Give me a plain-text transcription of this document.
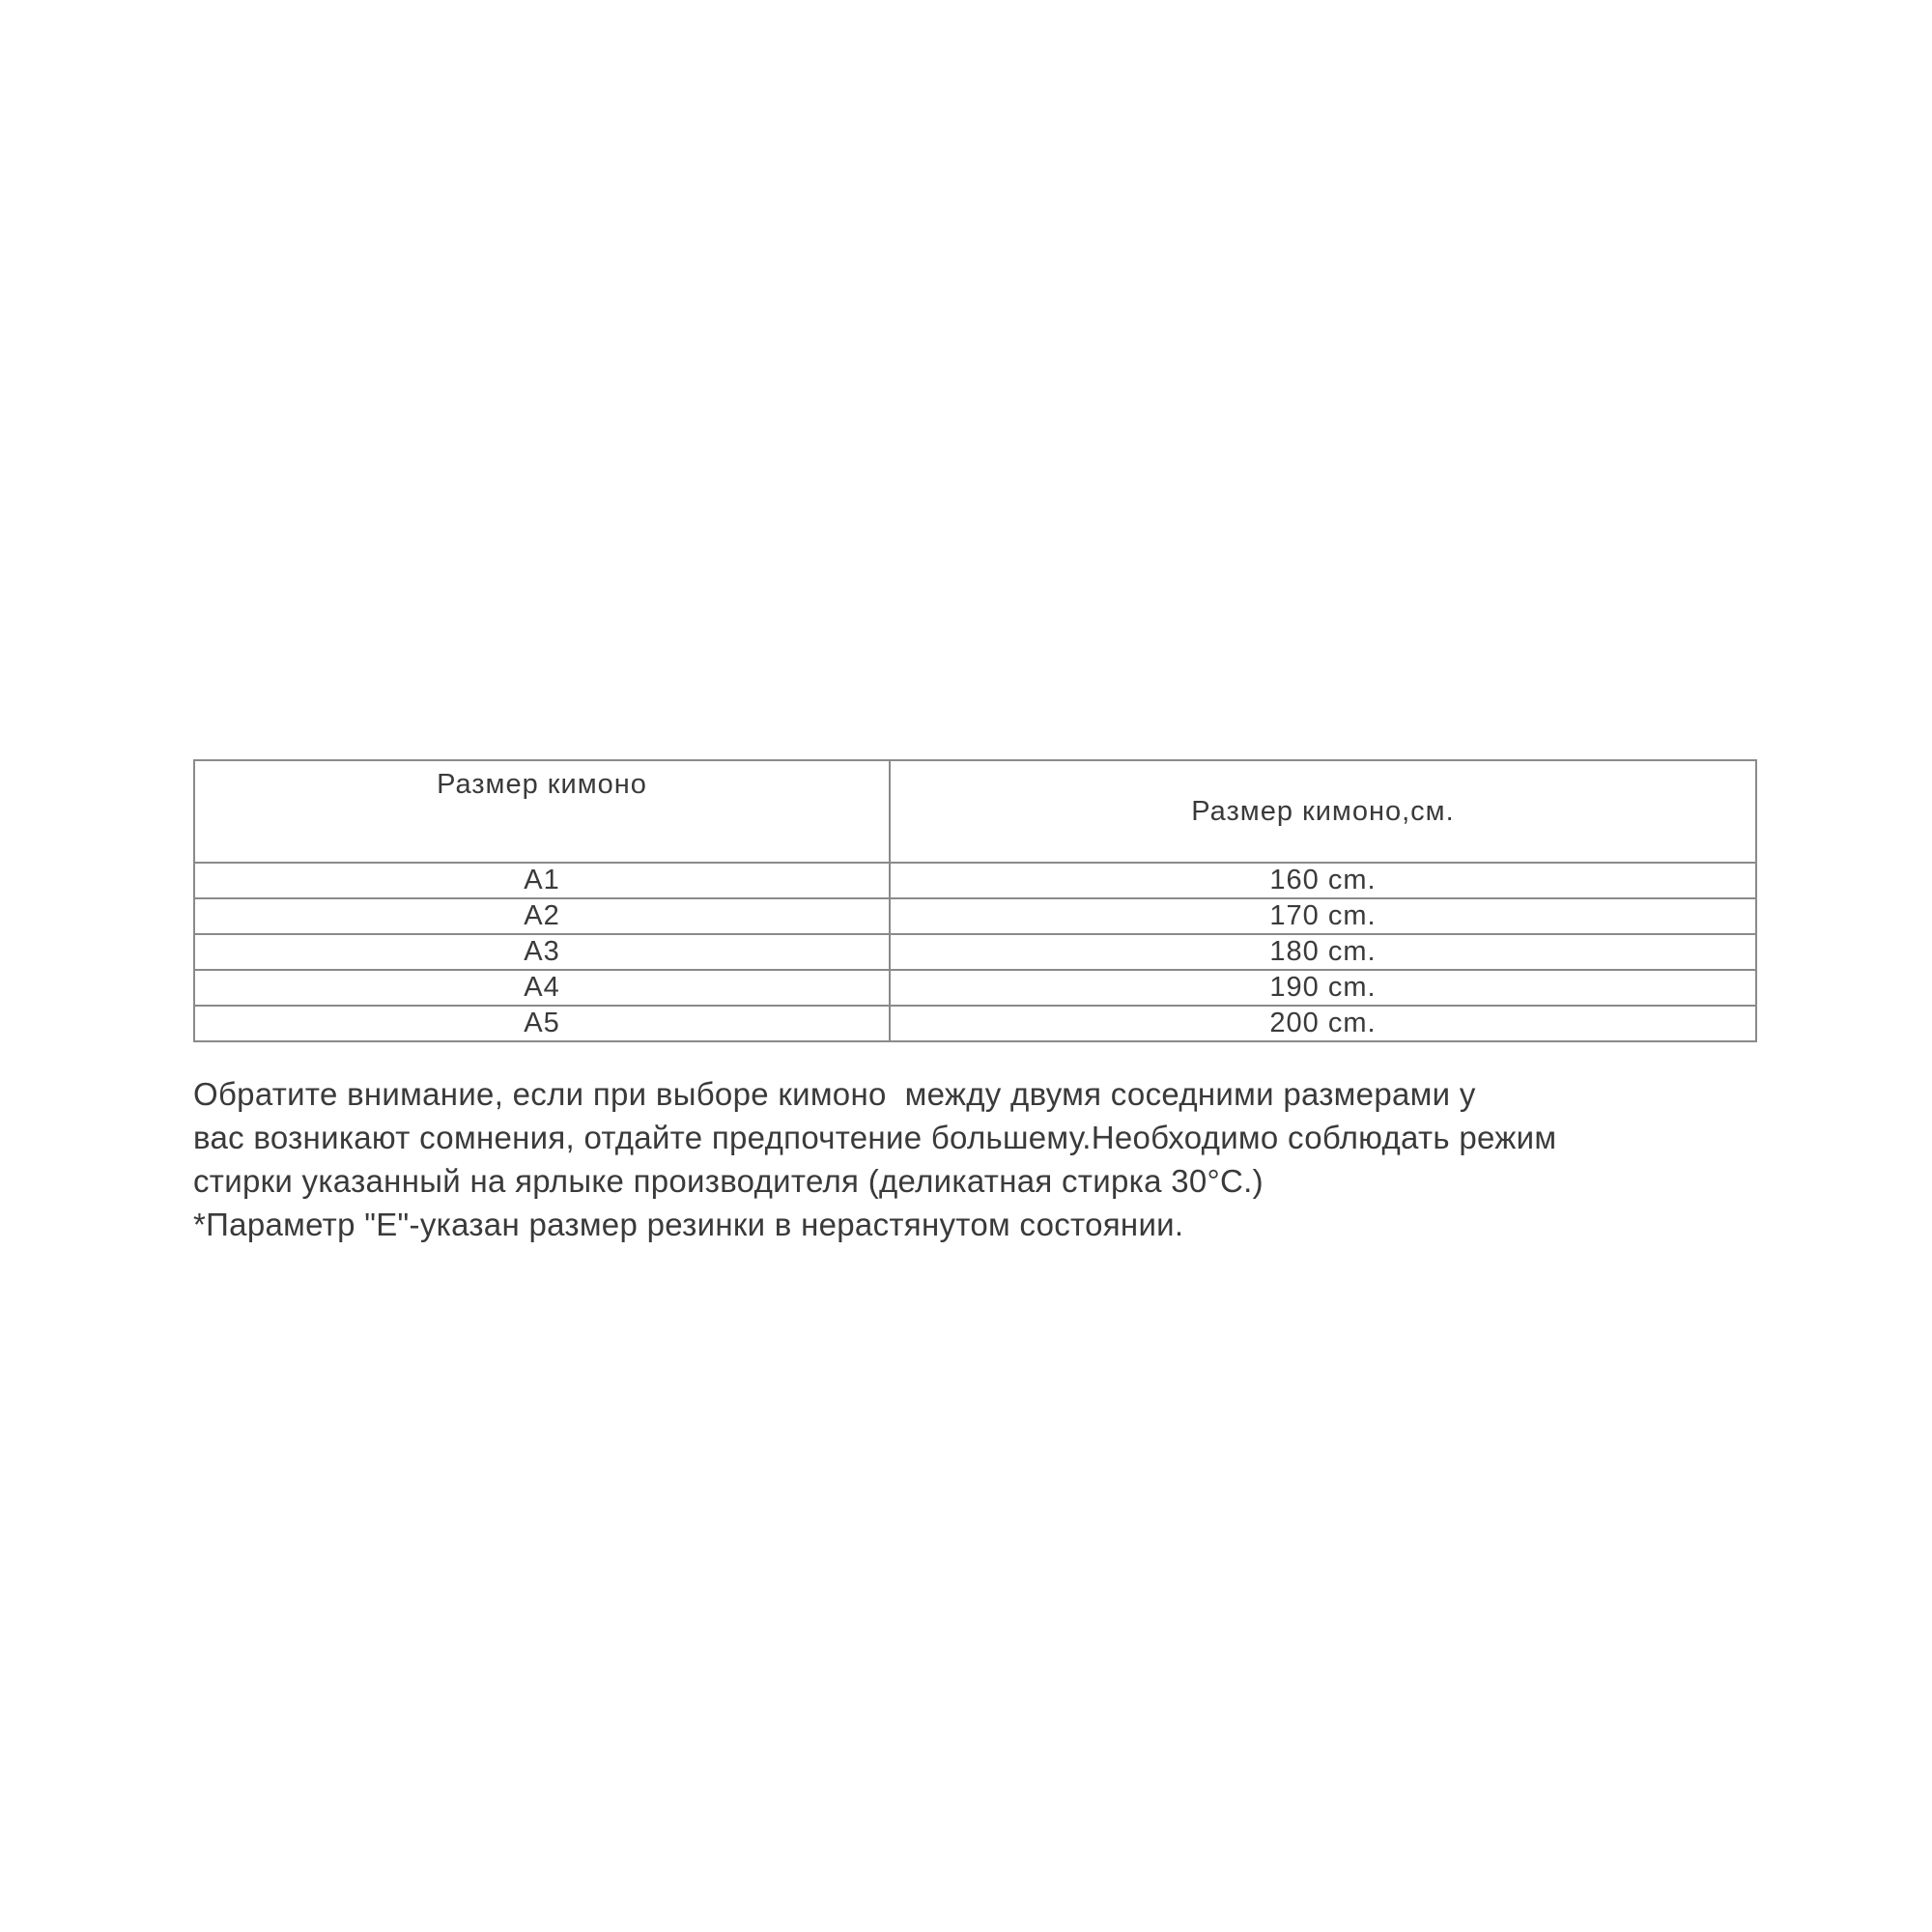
Размер кимоно	Размер кимоно,см.
А1	160 cm.
А2	170 cm.
А3	180 cm.
А4	190 cm.
А5	200 cm.

Обратите внимание, если при выборе кимоно  между двумя соседними размерами у

вас возникают сомнения, отдайте предпочтение большему.Необходимо соблюдать режим

стирки указанный на ярлыке производителя (деликатная стирка 30°С.)

*Параметр "Е"-указан размер резинки в нерастянутом состоянии.
